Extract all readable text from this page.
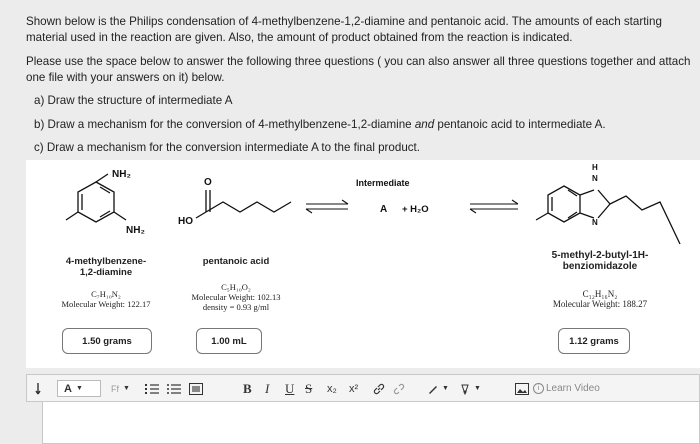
Shown below is the Philips condensation of 4-methylbenzene-1,2-diamine and pentanoic acid. The amounts of each starting material used in the reaction are given. Also, the amount of product obtained from the reaction is indicated.

Please use the space below to answer the following three questions ( you can also answer all three questions together and attach one file with your answers on it) below.

a) Draw the structure of intermediate A

b) Draw a mechanism for the conversion of 4-methylbenzene-1,2-diamine and pentanoic acid to intermediate A.

c) Draw a mechanism for the conversion intermediate A to the final product.

NH₂
NH₂
O
HO
Intermediate
A + H₂O
H
N
N
4-methylbenzene-
1,2-diamine
C₇H₁₀N₂
Molecular Weight: 122.17
1.50 grams
pentanoic acid
C₅H₁₀O₂
Molecular Weight: 102.13
density = 0.93 g/ml
1.00 mL
5-methyl-2-butyl-1H-
benziomidazole
C₁₂H₁₆N₂
Molecular Weight: 188.27
1.12 grams
A ▼	Ff ▼	B I U S x₂ x²	▼	▼	i Learn Video
